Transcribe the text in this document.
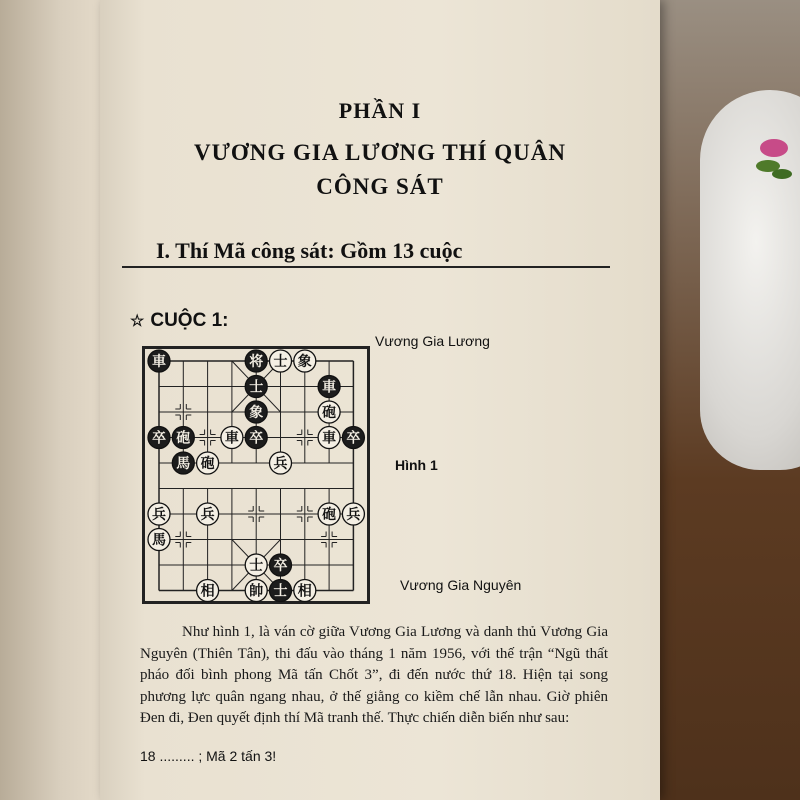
PHẦN I
VƯƠNG GIA LƯƠNG THÍ QUÂN
CÔNG SÁT
I. Thí Mã công sát: Gồm 13 cuộc
☆ CUỘC 1:
Vương Gia Lương
Hình 1
Vương Gia Nguyên
車	将 士 象
士	車
象	砲
卒 砲 車 卒	車 卒
馬 砲	兵
兵 兵	砲 兵
馬
士 卒
相 帥 士 相

Như hình 1, là ván cờ giữa Vương Gia Lương và danh thủ Vương Gia Nguyên (Thiên Tân), thi đấu vào tháng 1 năm 1956, với thế trận “Ngũ thất pháo đối bình phong Mã tấn Chốt 3”, đi đến nước thứ 18. Hiện tại song phương lực quân ngang nhau, ở thế giằng co kiềm chế lẫn nhau. Giờ phiên Đen đi, Đen quyết định thí Mã tranh thế. Thực chiến diễn biến như sau:

18 ......... ; Mã 2 tấn 3!
